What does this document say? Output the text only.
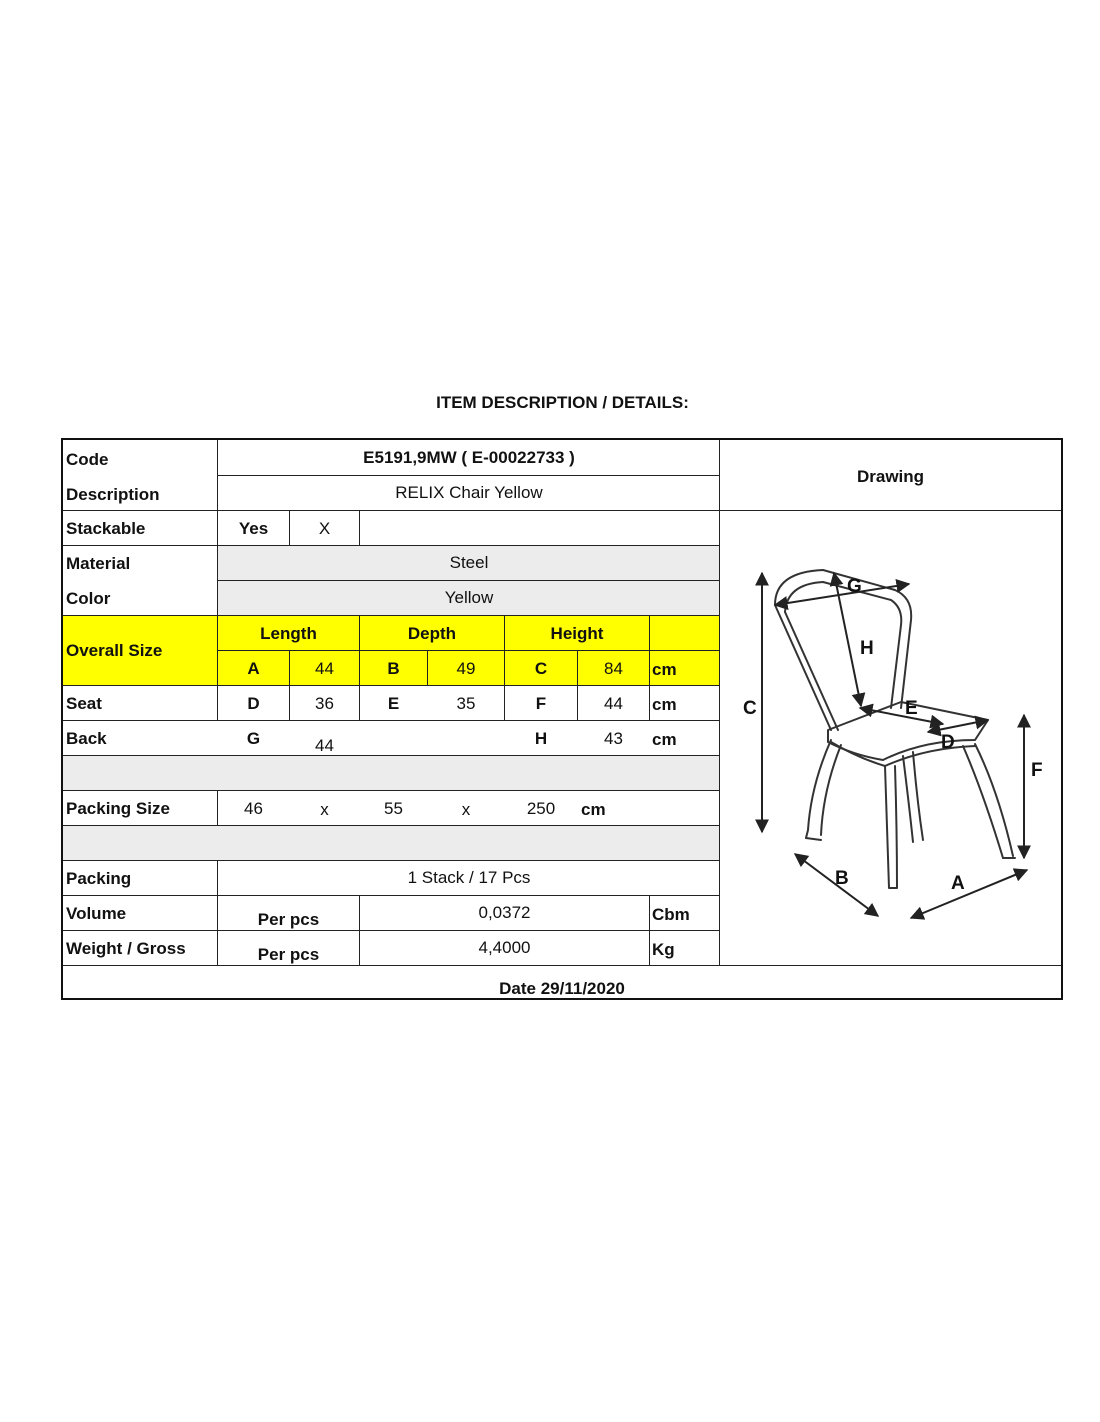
ITEM DESCRIPTION / DETAILS:
Code	E5191,9MW ( E-00022733 )
Description	RELIX Chair Yellow
Stackable	Yes	X
Material	Steel
Color	Yellow
Overall Size
Length	Depth	Height
A	44	B	49	C	84	cm
Seat	D	36	E	35	F	44	cm
Back	G	44	H	43	cm
Packing Size	46	x	55	x	250	cm
Packing	1 Stack / 17 Pcs
Volume	Per pcs	0,0372	Cbm
Weight / Gross	Per pcs	4,4000	Kg
Date 29/11/2020
Drawing
C
F
G
H
E
D
B	A
